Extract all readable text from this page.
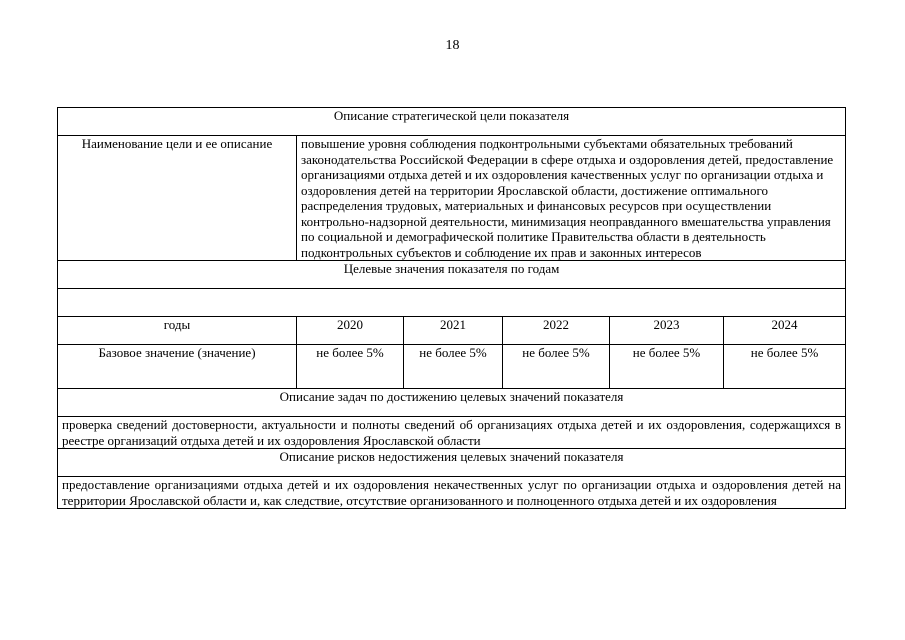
18
Описание стратегической цели показателя					
Наименование цели и ее описание	повышение уровня соблюдения подконтрольными субъектами обязательных требований законодательства Российской Федерации в сфере отдыха и оздоровления детей, предоставление организациями отдыха детей и их оздоровления качественных услуг по организации отдыха и оздоровления детей на территории Ярославской области, достижение оптимального распределения трудовых, материальных и финансовых ресурсов при осуществлении контрольно-надзорной деятельности, минимизация неоправданного вмешательства управления по социальной и демографической политике Правительства области в деятельность подконтрольных субъектов и соблюдение их прав и законных интересов				
Целевые значения показателя по годам					

годы	2020	2021	2022	2023	2024
Базовое значение (значение)	не более 5%	не более 5%	не более 5%	не более 5%	не более 5%
Описание задач по достижению целевых значений показателя					
проверка сведений достоверности, актуальности и полноты сведений об организациях отдыха детей и их оздоровления, содержащихся в реестре организаций отдыха детей и их оздоровления Ярославской области					
Описание рисков недостижения целевых значений показателя					
предоставление организациями отдыха детей и их оздоровления некачественных услуг по организации отдыха и оздоровления детей на территории Ярославской области и, как следствие, отсутствие организованного и полноценного отдыха детей и их оздоровления					
